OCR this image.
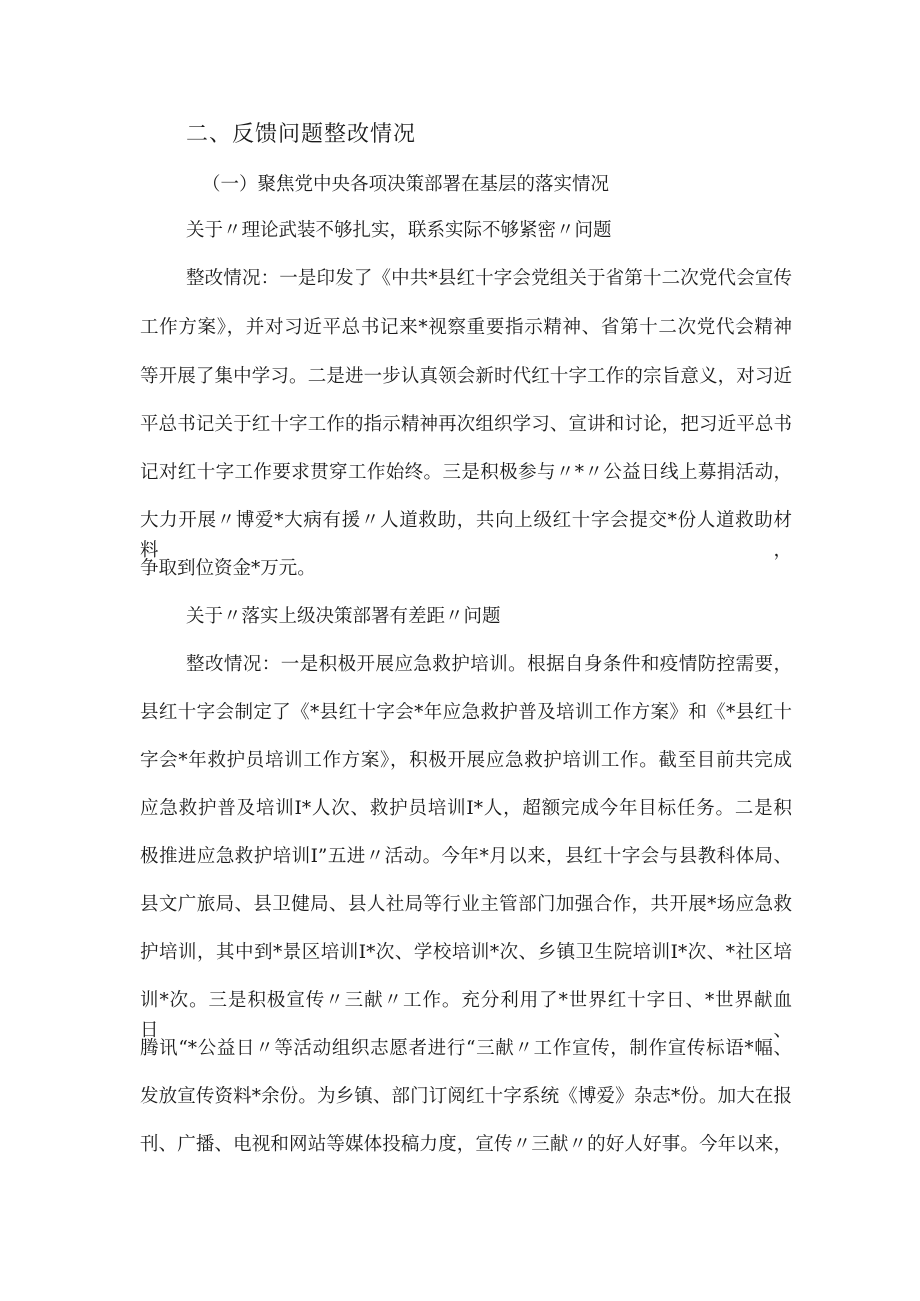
二、反馈问题整改情况
（一）聚焦党中央各项决策部署在基层的落实情况
关于〃理论武装不够扎实，联系实际不够紧密〃问题
整改情况：一是印发了《中共*县红十字会党组关于省第十二次党代会宣传
工作方案》，并对习近平总书记来*视察重要指示精神、省第十二次党代会精神
等开展了集中学习。二是进一步认真领会新时代红十字工作的宗旨意义，对习近
平总书记关于红十字工作的指示精神再次组织学习、宣讲和讨论，把习近平总书
记对红十字工作要求贯穿工作始终。三是积极参与〃*〃公益日线上募捐活动，
大力开展〃博爱*大病有援〃人道救助，共向上级红十字会提交*份人道救助材料，
争取到位资金*万元。
关于〃落实上级决策部署有差距〃问题
整改情况：一是积极开展应急救护培训。根据自身条件和疫情防控需要，
县红十字会制定了《*县红十字会*年应急救护普及培训工作方案》和《*县红十
字会*年救护员培训工作方案》，积极开展应急救护培训工作。截至目前共完成
应急救护普及培训I*人次、救护员培训I*人，超额完成今年目标任务。二是积
极推进应急救护培训I”五进〃活动。今年*月以来，县红十字会与县教科体局、
县文广旅局、县卫健局、县人社局等行业主管部门加强合作，共开展*场应急救
护培训，其中到*景区培训I*次、学校培训*次、乡镇卫生院培训I*次、*社区培
训*次。三是积极宣传〃三献〃工作。充分利用了*世界红十字日、*世界献血日、
腾讯“*公益日〃等活动组织志愿者进行“三献〃工作宣传，制作宣传标语*幅、
发放宣传资料*余份。为乡镇、部门订阅红十字系统《博爱》杂志*份。加大在报
刊、广播、电视和网站等媒体投稿力度，宣传〃三献〃的好人好事。今年以来，
